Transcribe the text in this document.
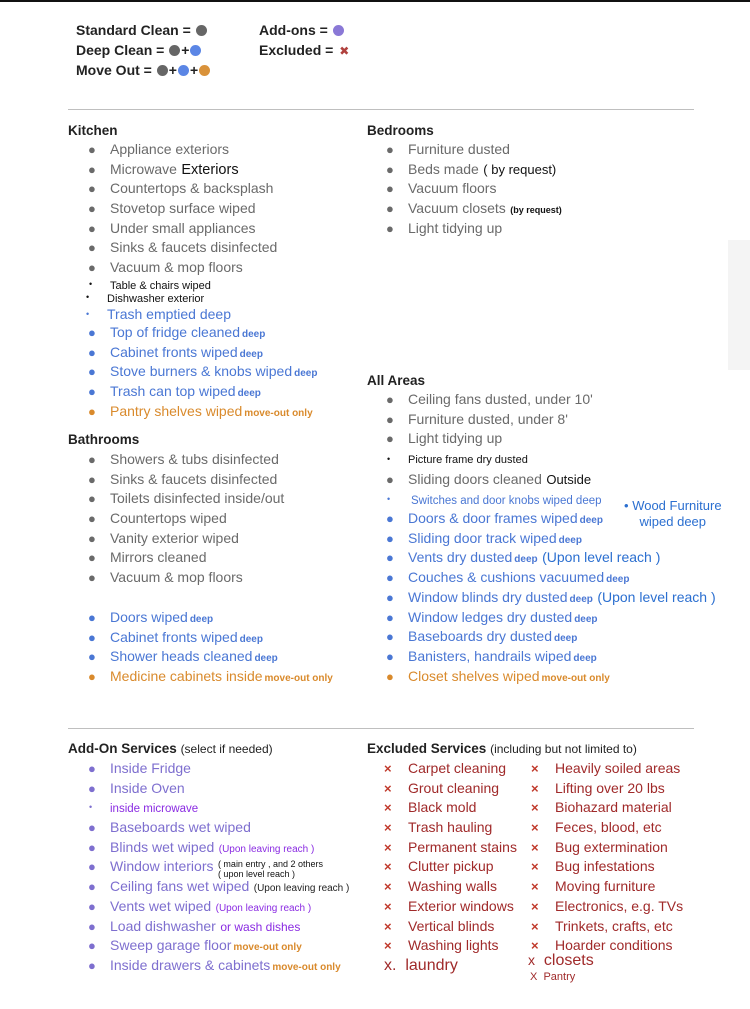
Standard Clean =
Deep Clean = +
Move Out = + +
Add-ons =
Excluded = ✖
Kitchen
● Appliance exteriors
● Microwave Exteriors
● Countertops & backsplash
● Stovetop surface wiped
● Under small appliances
● Sinks & faucets disinfected
● Vacuum & mop floors
• Table & chairs wiped
• Dishwasher exterior
• Trash emptied deep
● Top of fridge cleaned deep
● Cabinet fronts wiped deep
● Stove burners & knobs wiped deep
● Trash can top wiped deep
● Pantry shelves wiped move-out only
Bathrooms
● Showers & tubs disinfected
● Sinks & faucets disinfected
● Toilets disinfected inside/out
● Countertops wiped
● Vanity exterior wiped
● Mirrors cleaned
● Vacuum & mop floors
● Doors wiped deep
● Cabinet fronts wiped deep
● Shower heads cleaned deep
● Medicine cabinets inside move-out only
Bedrooms
● Furniture dusted
● Beds made ( by request)
● Vacuum floors
● Vacuum closets (by request)
● Light tidying up
All Areas
● Ceiling fans dusted, under 10'
● Furniture dusted, under 8'
● Light tidying up
• Picture frame dry dusted
● Sliding doors cleaned Outside
• Switches and door knobs wiped deep
● Doors & door frames wiped deep
● Sliding door track wiped deep
● Vents dry dusted deep (Upon level reach )
● Couches & cushions vacuumed deep
● Window blinds dry dusted deep (Upon level reach )
● Window ledges dry dusted deep
● Baseboards dry dusted deep
● Banisters, handrails wiped deep
● Closet shelves wiped move-out only
• Wood Furniture
wiped deep
Add-On Services (select if needed)
● Inside Fridge
● Inside Oven
• inside microwave
● Baseboards wet wiped
● Blinds wet wiped (Upon leaving reach )
● Window interiors ( main entry , and 2 others
( upon level reach )
● Ceiling fans wet wiped (Upon leaving reach )
● Vents wet wiped (Upon leaving reach )
● Load dishwasher or wash dishes
● Sweep garage floor move-out only
● Inside drawers & cabinets move-out only
Excluded Services (including but not limited to)
× Carpet cleaning
× Grout cleaning
× Black mold
× Trash hauling
× Permanent stains
× Clutter pickup
× Washing walls
× Exterior windows
× Vertical blinds
× Washing lights
× Heavily soiled areas
× Lifting over 20 lbs
× Biohazard material
× Feces, blood, etc
× Bug extermination
× Bug infestations
× Moving furniture
× Electronics, e.g. TVs
× Trinkets, crafts, etc
× Hoarder conditions
x. laundry	x closets
X Pantry
